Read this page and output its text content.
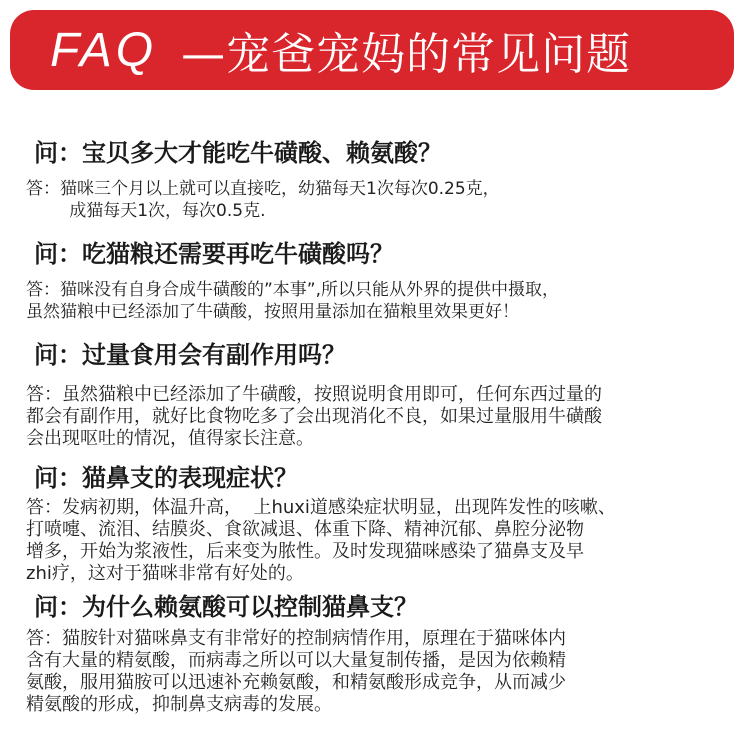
FAQ —宠爸宠妈的常见问题
问：宝贝多大才能吃牛磺酸、赖氨酸？
答：猫咪三个月以上就可以直接吃，幼猫每天1次每次0.25克，
成猫每天1次，每次0.5克.
问：吃猫粮还需要再吃牛磺酸吗？
答：猫咪没有自身合成牛磺酸的”本事”,所以只能从外界的提供中摄取，
虽然猫粮中已经添加了牛磺酸，按照用量添加在猫粮里效果更好！
问：过量食用会有副作用吗？
答：虽然猫粮中已经添加了牛磺酸，按照说明食用即可，任何东西过量的
都会有副作用，就好比食物吃多了会出现消化不良，如果过量服用牛磺酸
会出现呕吐的情况，值得家长注意。
问：猫鼻支的表现症状？
答：发病初期，体温升高，  上huxi道感染症状明显，出现阵发性的咳嗽、
打喷嚏、流泪、结膜炎、食欲减退、体重下降、精神沉郁、鼻腔分泌物
增多，开始为浆液性，后来变为脓性。及时发现猫咪感染了猫鼻支及早
zhi疗，这对于猫咪非常有好处的。
问：为什么赖氨酸可以控制猫鼻支？
答：猫胺针对猫咪鼻支有非常好的控制病情作用，原理在于猫咪体内
含有大量的精氨酸，而病毒之所以可以大量复制传播，是因为依赖精
氨酸，服用猫胺可以迅速补充赖氨酸，和精氨酸形成竞争，从而减少
精氨酸的形成，抑制鼻支病毒的发展。
